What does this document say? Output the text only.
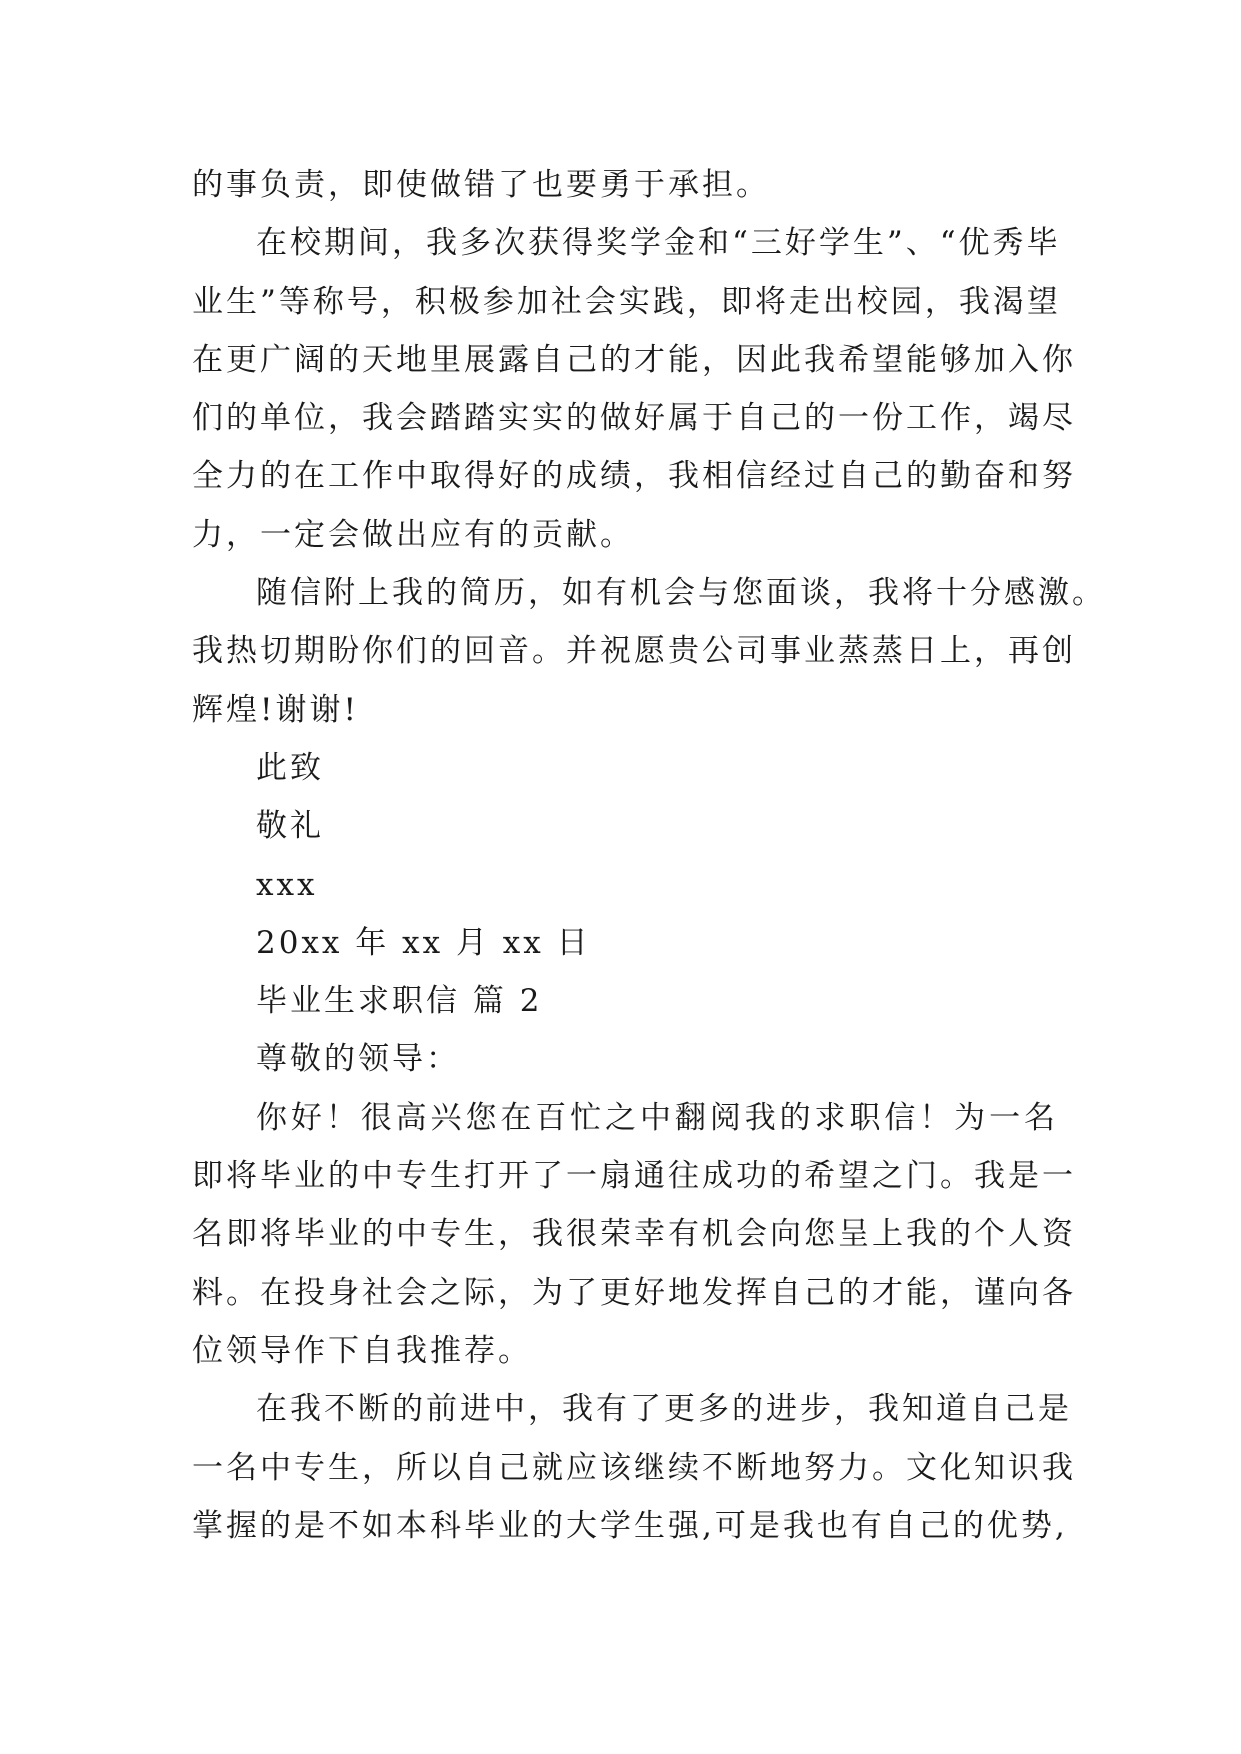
的事负责，即使做错了也要勇于承担。
在校期间，我多次获得奖学金和“三好学生”、“优秀毕
业生”等称号，积极参加社会实践，即将走出校园，我渴望
在更广阔的天地里展露自己的才能，因此我希望能够加入你
们的单位，我会踏踏实实的做好属于自己的一份工作，竭尽
全力的在工作中取得好的成绩，我相信经过自己的勤奋和努
力，一定会做出应有的贡献。
随信附上我的简历，如有机会与您面谈，我将十分感激。
我热切期盼你们的回音。并祝愿贵公司事业蒸蒸日上，再创
辉煌!谢谢!
此致
敬礼
xxx
20xx 年 xx 月 xx 日
毕业生求职信 篇 2
尊敬的领导：
你好！很高兴您在百忙之中翻阅我的求职信！为一名
即将毕业的中专生打开了一扇通往成功的希望之门。我是一
名即将毕业的中专生，我很荣幸有机会向您呈上我的个人资
料。在投身社会之际，为了更好地发挥自己的才能，谨向各
位领导作下自我推荐。
在我不断的前进中，我有了更多的进步，我知道自己是
一名中专生，所以自己就应该继续不断地努力。文化知识我
掌握的是不如本科毕业的大学生强,可是我也有自己的优势,
